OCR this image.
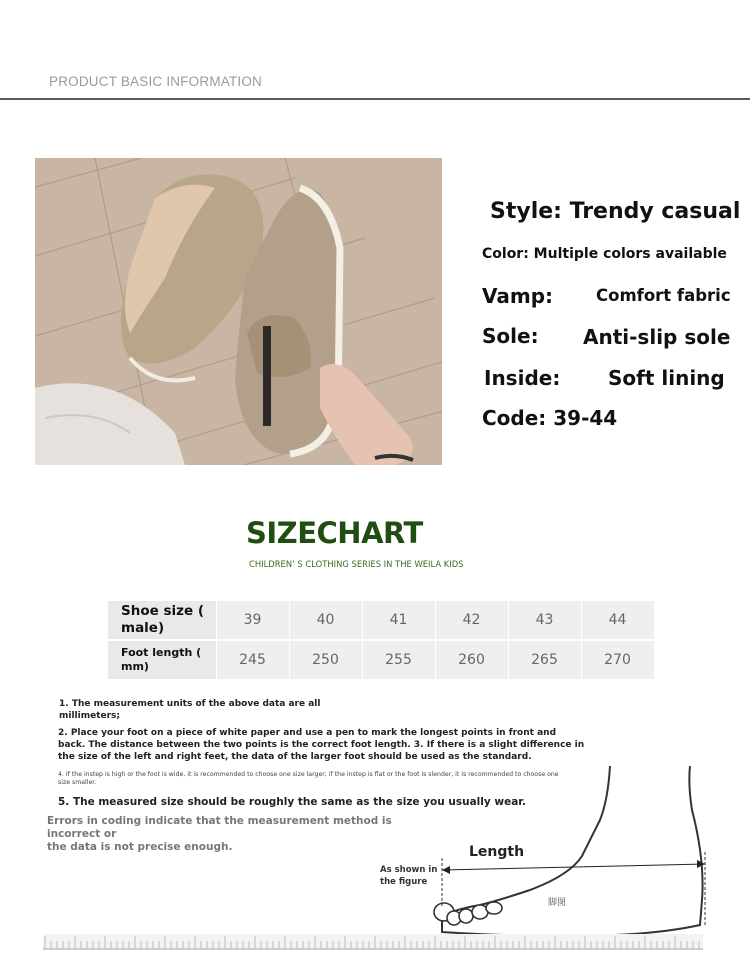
PRODUCT BASIC INFORMATION
Style: Trendy casual
Color: Multiple colors available
Vamp:	Comfort fabric
Sole: Anti-slip sole
Inside: Soft lining
Code: 39-44
SIZECHART
CHILDREN’ S CLOTHING SERIES IN THE WEILA KIDS
Shoe size (
male)	39	40	41	42	43	44

Foot length (
mm)	245	250	255	260	265	270
脚图
1. The measurement units of the above data are all
millimeters;
2. Place your foot on a piece of white paper and use a pen to mark the longest points in front and
back. The distance between the two points is the correct foot length. 3. If there is a slight difference in
the size of the left and right feet, the data of the larger foot should be used as the standard.
4. If the instep is high or the foot is wide, it is recommended to choose one size larger; if the instep is flat or the foot is slender, it is recommended to choose one
size smaller.
5. The measured size should be roughly the same as the size you usually wear.
Errors in coding indicate that the measurement method is incorrect or
the data is not precise enough.	Length
As shown in
the figure
